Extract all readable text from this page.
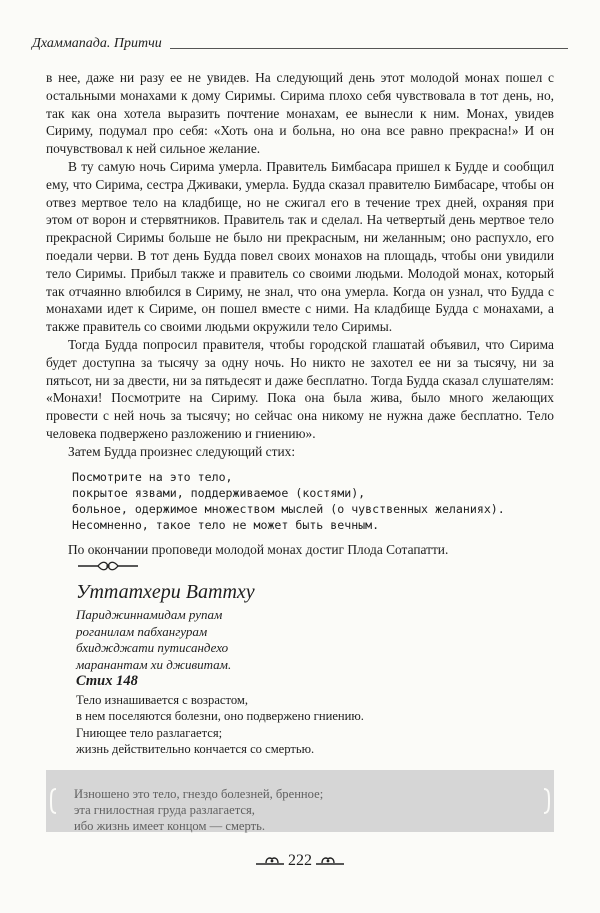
Дхаммапада. Притчи

в нее, даже ни разу ее не увидев. На следующий день этот молодой монах пошел с остальными монахами к дому Сиримы. Сирима плохо себя чувствовала в тот день, но, так как она хотела выразить почтение монахам, ее вынесли к ним. Монах, увидев Сириму, подумал про себя: «Хоть она и больна, но она все равно прекрасна!» И он почувствовал к ней сильное желание.

В ту самую ночь Сирима умерла. Правитель Бимбасара пришел к Будде и сообщил ему, что Сирима, сестра Дживаки, умерла. Будда сказал правителю Бимбасаре, чтобы он отвез мертвое тело на кладбище, но не сжигал его в течение трех дней, охраняя при этом от ворон и стервятников. Правитель так и сделал. На четвертый день мертвое тело прекрасной Сиримы больше не было ни прекрасным, ни желанным; оно распухло, его поедали черви. В тот день Будда повел своих монахов на площадь, чтобы они увидили тело Сиримы. Прибыл также и правитель со своими людьми. Молодой монах, который так отчаянно влюбился в Сириму, не знал, что она умерла. Когда он узнал, что Будда с монахами идет к Сириме, он пошел вместе с ними. На кладбище Будда с монахами, а также правитель со своими людьми окружили тело Сиримы.

Тогда Будда попросил правителя, чтобы городской глашатай объявил, что Сирима будет доступна за тысячу за одну ночь. Но никто не захотел ее ни за тысячу, ни за пятьсот, ни за двести, ни за пятьдесят и даже бесплатно. Тогда Будда сказал слушателям: «Монахи! Посмотрите на Сириму. Пока она была жива, было много желающих провести с ней ночь за тысячу; но сейчас она никому не нужна даже бесплатно. Тело человека подвержено разложению и гниению».

Затем Будда произнес следующий стих:

Посмотрите на это тело,
покрытое язвами, поддерживаемое (костями),
больное, одержимое множеством мыслей (о чувственных желаниях).
Несомненно, такое тело не может быть вечным.

По окончании проповеди молодой монах достиг Плода Сотапатти.

Уттатхери Ваттху
Париджиннамидам рупам
роганилам пабхангурам
бхиджджати путисандехо
маранантам хи дживитам.
Стих 148
Тело изнашивается с возрастом,
в нем поселяются болезни, оно подвержено гниению.
Гниющее тело разлагается;
жизнь действительно кончается со смертью.
Изношено это тело, гнездо болезней, бренное;
эта гнилостная груда разлагается,
ибо жизнь имеет концом — смерть.
222
